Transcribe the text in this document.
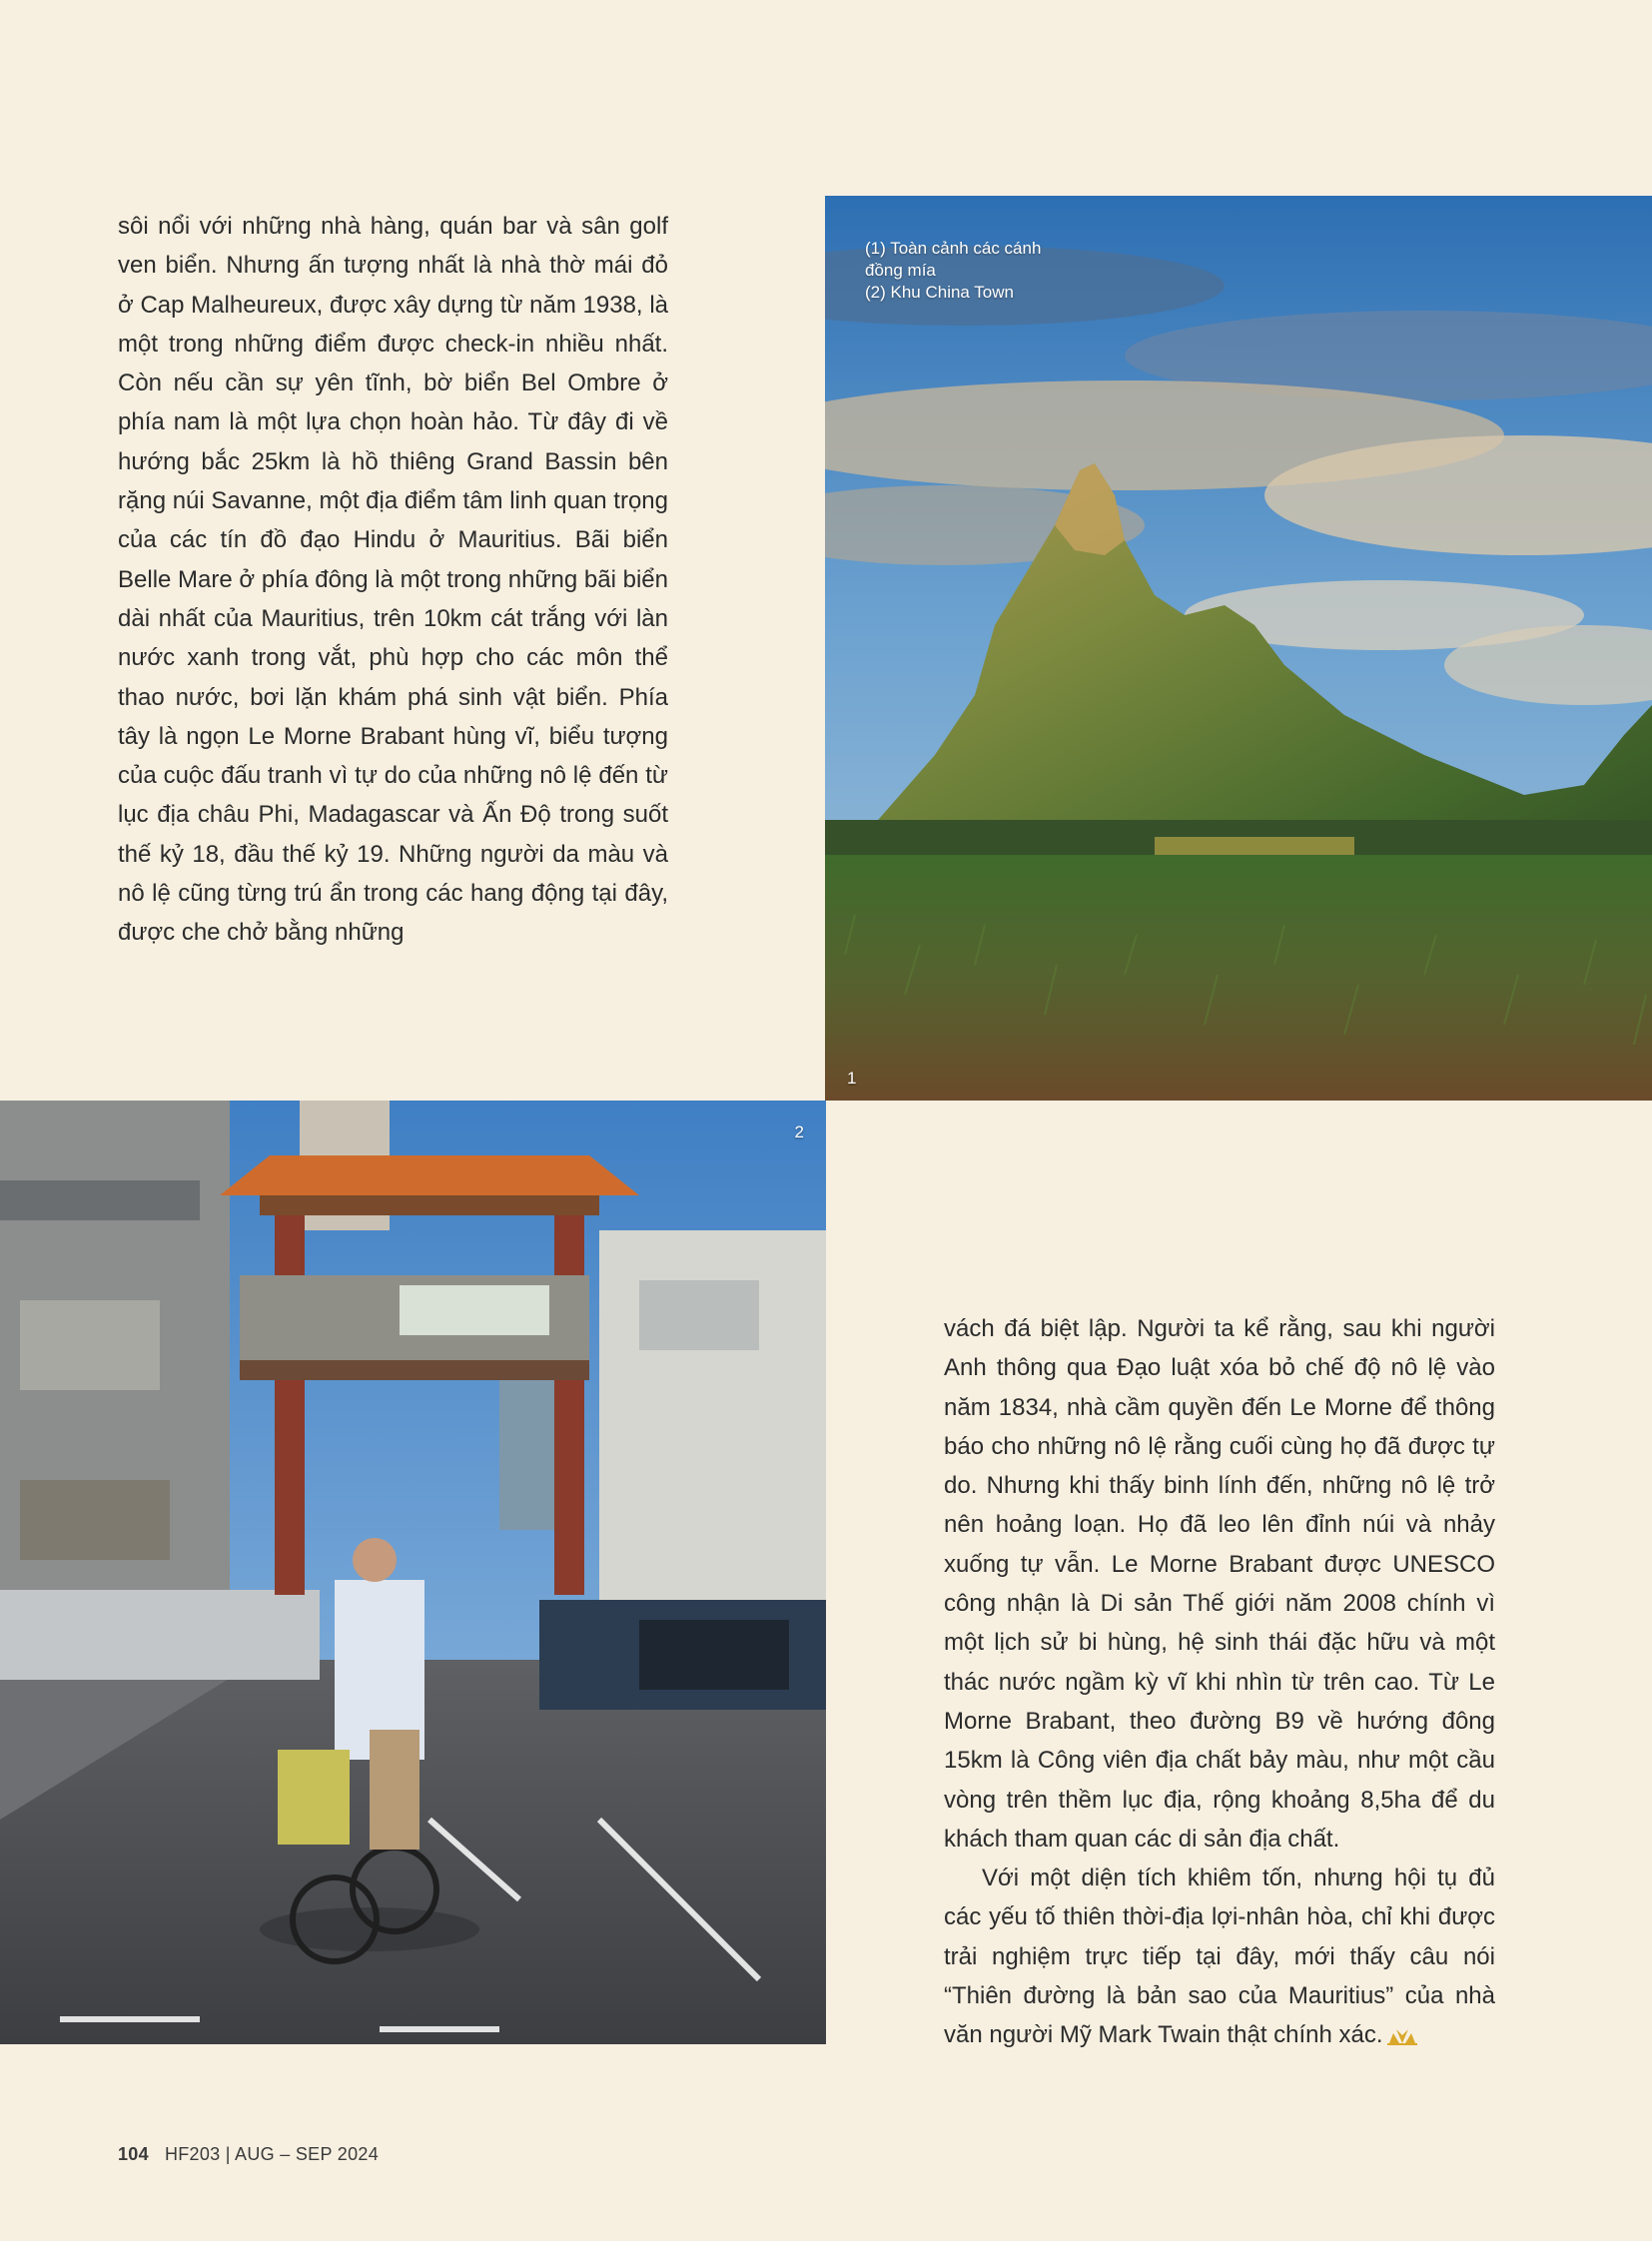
sôi nổi với những nhà hàng, quán bar và sân golf ven biển. Nhưng ấn tượng nhất là nhà thờ mái đỏ ở Cap Malheureux, được xây dựng từ năm 1938, là một trong những điểm được check-in nhiều nhất. Còn nếu cần sự yên tĩnh, bờ biển Bel Ombre ở phía nam là một lựa chọn hoàn hảo. Từ đây đi về hướng bắc 25km là hồ thiêng Grand Bassin bên rặng núi Savanne, một địa điểm tâm linh quan trọng của các tín đồ đạo Hindu ở Mauritius. Bãi biển Belle Mare ở phía đông là một trong những bãi biển dài nhất của Mauritius, trên 10km cát trắng với làn nước xanh trong vắt, phù hợp cho các môn thể thao nước, bơi lặn khám phá sinh vật biển. Phía tây là ngọn Le Morne Brabant hùng vĩ, biểu tượng của cuộc đấu tranh vì tự do của những nô lệ đến từ lục địa châu Phi, Madagascar và Ấn Độ trong suốt thế kỷ 18, đầu thế kỷ 19. Những người da màu và nô lệ cũng từng trú ẩn trong các hang động tại đây, được che chở bằng những

(1) Toàn cảnh các cánh
đồng mía
(2) Khu China Town
1
2

vách đá biệt lập. Người ta kể rằng, sau khi người Anh thông qua Đạo luật xóa bỏ chế độ nô lệ vào năm 1834, nhà cầm quyền đến Le Morne để thông báo cho những nô lệ rằng cuối cùng họ đã được tự do. Nhưng khi thấy binh lính đến, những nô lệ trở nên hoảng loạn. Họ đã leo lên đỉnh núi và nhảy xuống tự vẫn. Le Morne Brabant được UNESCO công nhận là Di sản Thế giới năm 2008 chính vì một lịch sử bi hùng, hệ sinh thái đặc hữu và một thác nước ngầm kỳ vĩ khi nhìn từ trên cao. Từ Le Morne Brabant, theo đường B9 về hướng đông 15km là Công viên địa chất bảy màu, như một cầu vòng trên thềm lục địa, rộng khoảng 8,5ha để du khách tham quan các di sản địa chất.

Với một diện tích khiêm tốn, nhưng hội tụ đủ các yếu tố thiên thời-địa lợi-nhân hòa, chỉ khi được trải nghiệm trực tiếp tại đây, mới thấy câu nói “Thiên đường là bản sao của Mauritius” của nhà văn người Mỹ Mark Twain thật chính xác.

104 HF203 | AUG – SEP 2024
